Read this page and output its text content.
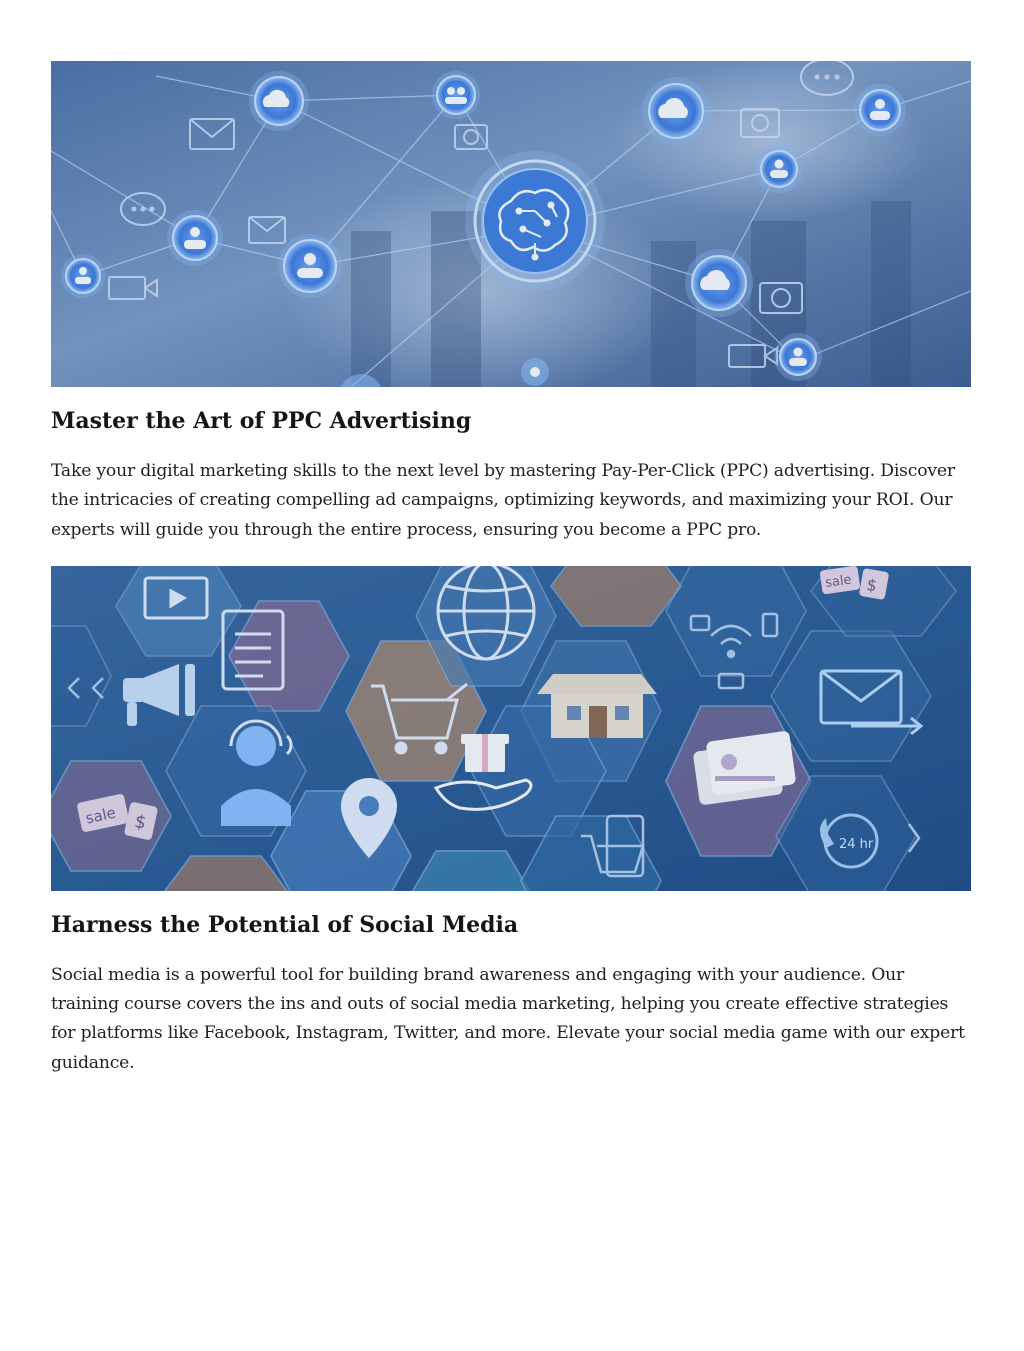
Master the Art of PPC Advertising

Take your digital marketing skills to the next level by mastering Pay-Per-Click (PPC) advertising. Discover the intricacies of creating compelling ad campaigns, optimizing keywords, and maximizing your ROI. Our experts will guide you through the entire process, ensuring you become a PPC pro.

sale $
sale $
24 hr
Harness the Potential of Social Media

Social media is a powerful tool for building brand awareness and engaging with your audience. Our training course covers the ins and outs of social media marketing, helping you create effective strategies for platforms like Facebook, Instagram, Twitter, and more. Elevate your social media game with our expert guidance.
